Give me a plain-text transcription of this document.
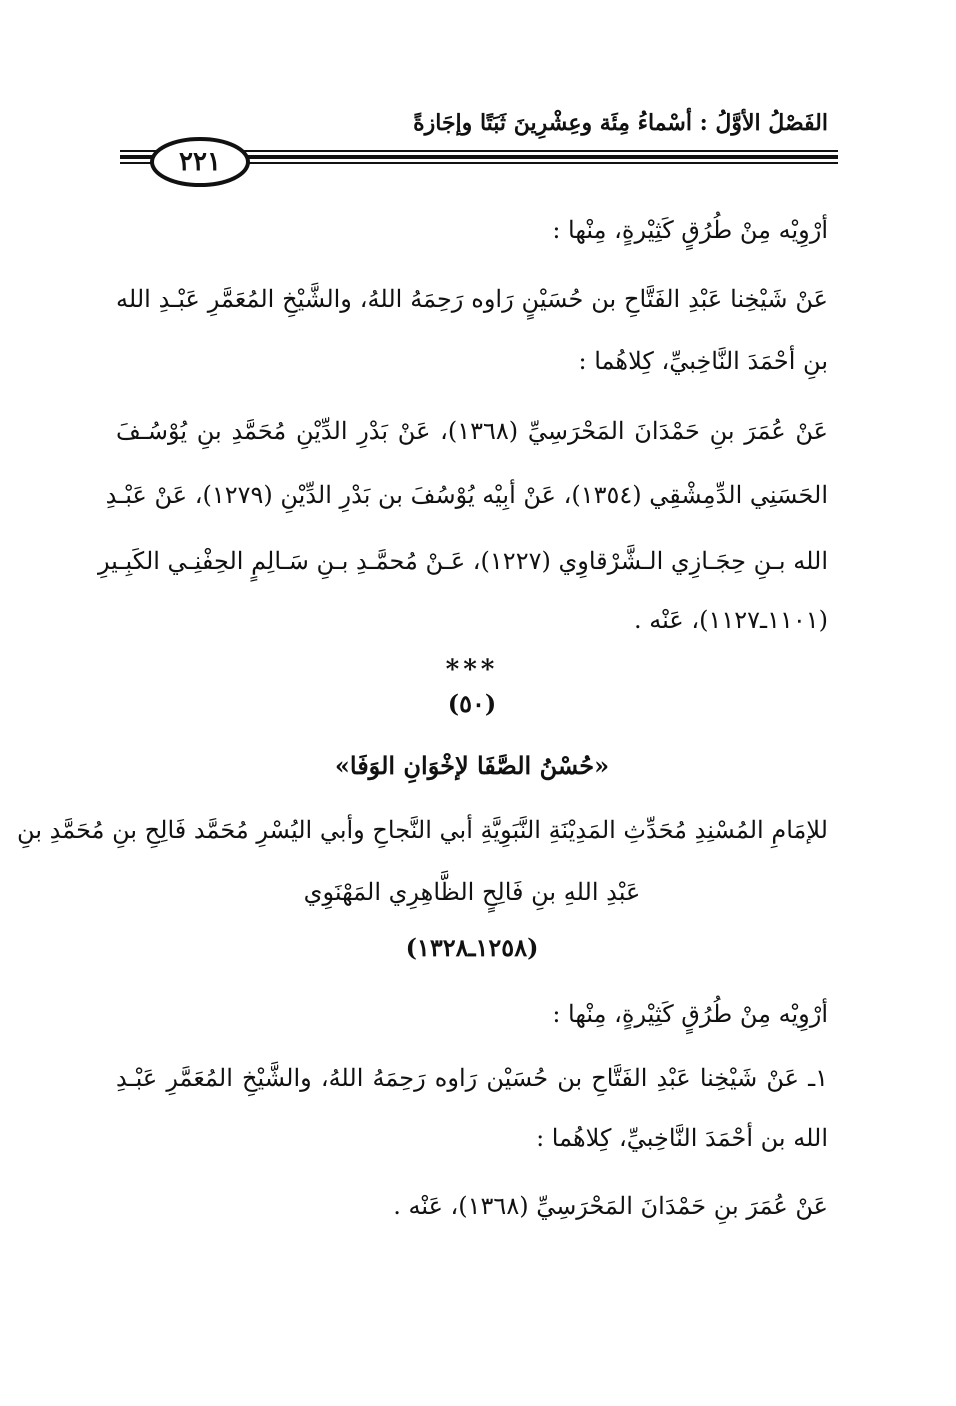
الفَصْلُ الأوَّلُ : أسْماءُ مِئَة وعِشْرِينَ ثَبَتًا وإجَازةً
٢٢١
أرْوِيْه مِنْ طُرُقٍ كَثِيْرةٍ، مِنْها :
عَنْ شَيْخِنا عَبْدِ الفَتَّاحِ بن حُسَيْنٍ رَاوه رَحِمَهُ اللهُ، والشَّيْخِ المُعَمَّرِ عَبْـدِ الله
بنِ أحْمَدَ النَّاخِبيِّ، كِلاهُما :
عَنْ عُمَرَ بنِ حَمْدَانَ المَحْرَسِيِّ (١٣٦٨)، عَنْ بَدْرِ الدِّيْنِ مُحَمَّدِ بنِ يُوْسُـفَ
الحَسَنِي الدِّمِشْقِي (١٣٥٤)، عَنْ أبِيْه يُوْسُفَ بن بَدْرِ الدِّيْنِ (١٢٧٩)، عَنْ عَبْـدِ
الله بـنِ حِجَـازِي الـشَّرْقاوِي (١٢٢٧)، عَـنْ مُحمَّـدِ بـنِ سَـالِمٍ الحِفْنِـي الكَبِـيرِ
(١١٠١ـ١١٢٧)، عَنْه .
***
(٥٠)
«حُسْنُ الصَّفَا لإخْوَانِ الوَفَا»
للإمَامِ المُسْنِدِ مُحَدِّثِ المَدِيْنَةِ النَّبَوِيَّةِ أبي النَّجاحِ وأبي اليُسْرِ مُحَمَّد فَالِحِ بنِ مُحَمَّدِ بنِ
عَبْدِ اللهِ بنِ فَالِحٍ الظَّاهِرِي المَهْنَوِي
(١٢٥٨ـ١٣٢٨)
أرْوِيْه مِنْ طُرُقٍ كَثِيْرةٍ، مِنْها :
١ـ عَنْ شَيْخِنا عَبْدِ الفَتَّاحِ بن حُسَيْن رَاوه رَحِمَهُ اللهُ، والشَّيْخِ المُعَمَّرِ عَبْـدِ
الله بن أحْمَدَ النَّاخِبيِّ، كِلاهُما :
عَنْ عُمَرَ بنِ حَمْدَانَ المَحْرَسِيِّ (١٣٦٨)، عَنْه .
